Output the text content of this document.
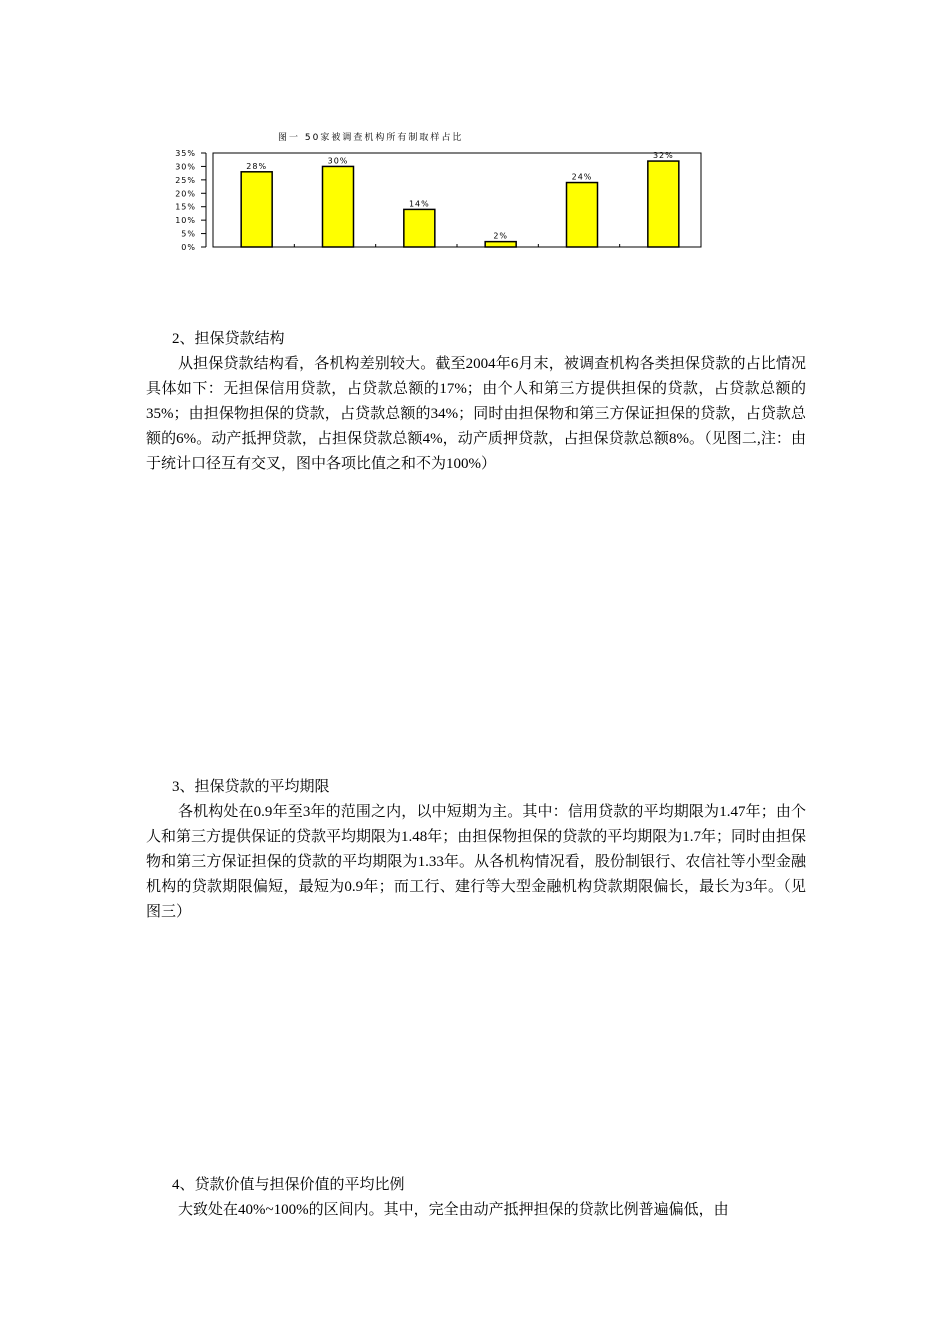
图一 50家被调查机构所有制取样占比
0%
5%
10%
15%
20%
25%
30%
35%
28%
30%
14%
2%
24%
32%
2、担保贷款结构

从担保贷款结构看，各机构差别较大。截至2004年6月末，被调查机构各类担保贷款的占比情况具体如下：无担保信用贷款，占贷款总额的17%；由个人和第三方提供担保的贷款，占贷款总额的35%；由担保物担保的贷款，占贷款总额的34%；同时由担保物和第三方保证担保的贷款，占贷款总额的6%。动产抵押贷款，占担保贷款总额4%，动产质押贷款，占担保贷款总额8%。（见图二,注：由于统计口径互有交叉，图中各项比值之和不为100%）

3、担保贷款的平均期限

各机构处在0.9年至3年的范围之内，以中短期为主。其中：信用贷款的平均期限为1.47年；由个人和第三方提供保证的贷款平均期限为1.48年；由担保物担保的贷款的平均期限为1.7年；同时由担保物和第三方保证担保的贷款的平均期限为1.33年。从各机构情况看，股份制银行、农信社等小型金融机构的贷款期限偏短，最短为0.9年；而工行、建行等大型金融机构贷款期限偏长，最长为3年。（见图三）

4、贷款价值与担保价值的平均比例

大致处在40%~100%的区间内。其中，完全由动产抵押担保的贷款比例普遍偏低，由
